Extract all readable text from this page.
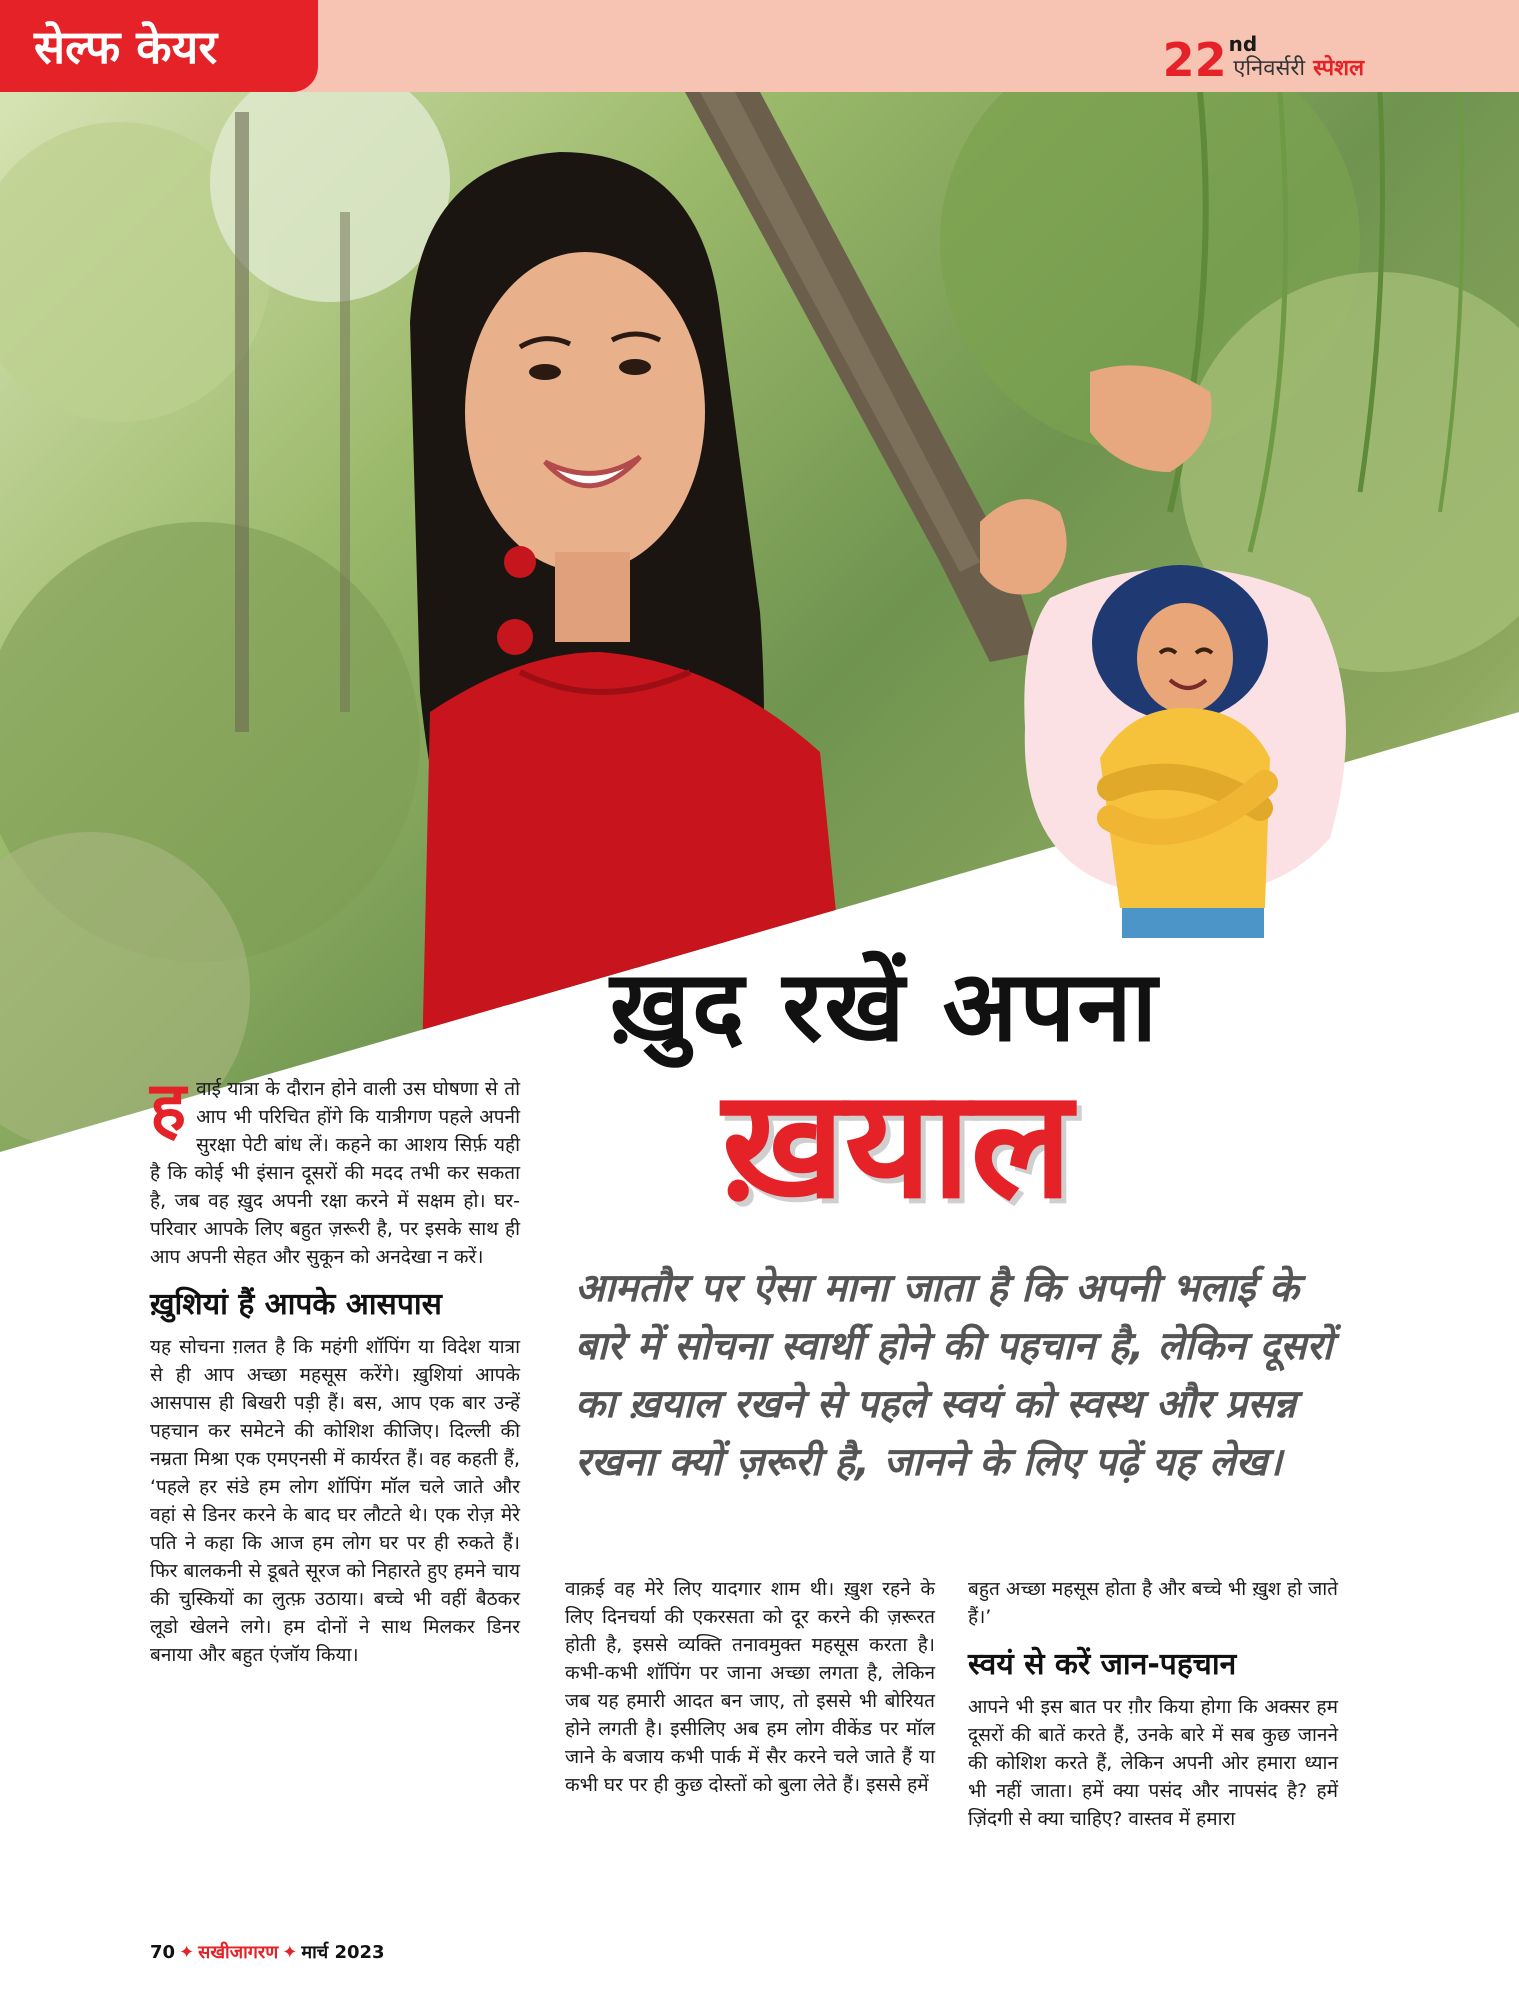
सेल्फ केयर	22 nd
एनिवर्सरी स्पेशल
ख़ुद रखें अपना
ख़याल

आमतौर पर ऐसा माना जाता है कि अपनी भलाई के बारे में सोचना स्वार्थी होने की पहचान है, लेकिन दूसरों का ख़याल रखने से पहले स्वयं को स्वस्थ और प्रसन्न रखना क्यों ज़रूरी है, जानने के लिए पढ़ें यह लेख।

ह वाई यात्रा के दौरान होने वाली उस घोषणा से तो आप भी परिचित होंगे कि यात्रीगण पहले अपनी सुरक्षा पेटी बांध लें। कहने का आशय सिर्फ़ यही है कि कोई भी इंसान दूसरों की मदद तभी कर सकता है, जब वह ख़ुद अपनी रक्षा करने में सक्षम हो। घर-परिवार आपके लिए बहुत ज़रूरी है, पर इसके साथ ही आप अपनी सेहत और सुकून को अनदेखा न करें।

ख़ुशियां हैं आपके आसपास

यह सोचना ग़लत है कि महंगी शॉपिंग या विदेश यात्रा से ही आप अच्छा महसूस करेंगे। ख़ुशियां आपके आसपास ही बिखरी पड़ी हैं। बस, आप एक बार उन्हें पहचान कर समेटने की कोशिश कीजिए। दिल्ली की नम्रता मिश्रा एक एमएनसी में कार्यरत हैं। वह कहती हैं, ‘पहले हर संडे हम लोग शॉपिंग मॉल चले जाते और वहां से डिनर करने के बाद घर लौटते थे। एक रोज़ मेरे पति ने कहा कि आज हम लोग घर पर ही रुकते हैं। फिर बालकनी से डूबते सूरज को निहारते हुए हमने चाय की चुस्कियों का लुत्फ़ उठाया। बच्चे भी वहीं बैठकर लूडो खेलने लगे। हम दोनों ने साथ मिलकर डिनर बनाया और बहुत एंजॉय किया।

वाक़ई वह मेरे लिए यादगार शाम थी। ख़ुश रहने के लिए दिनचर्या की एकरसता को दूर करने की ज़रूरत होती है, इससे व्यक्ति तनावमुक्त महसूस करता है। कभी-कभी शॉपिंग पर जाना अच्छा लगता है, लेकिन जब यह हमारी आदत बन जाए, तो इससे भी बोरियत होने लगती है। इसीलिए अब हम लोग वीकेंड पर मॉल जाने के बजाय कभी पार्क में सैर करने चले जाते हैं या कभी घर पर ही कुछ दोस्तों को बुला लेते हैं। इससे हमें

बहुत अच्छा महसूस होता है और बच्चे भी ख़ुश हो जाते हैं।’

स्वयं से करें जान-पहचान

आपने भी इस बात पर ग़ौर किया होगा कि अक्सर हम दूसरों की बातें करते हैं, उनके बारे में सब कुछ जानने की कोशिश करते हैं, लेकिन अपनी ओर हमारा ध्यान भी नहीं जाता। हमें क्या पसंद और नापसंद है? हमें ज़िंदगी से क्या चाहिए? वास्तव में हमारा

70 ✦ सखीजागरण ✦ मार्च 2023
